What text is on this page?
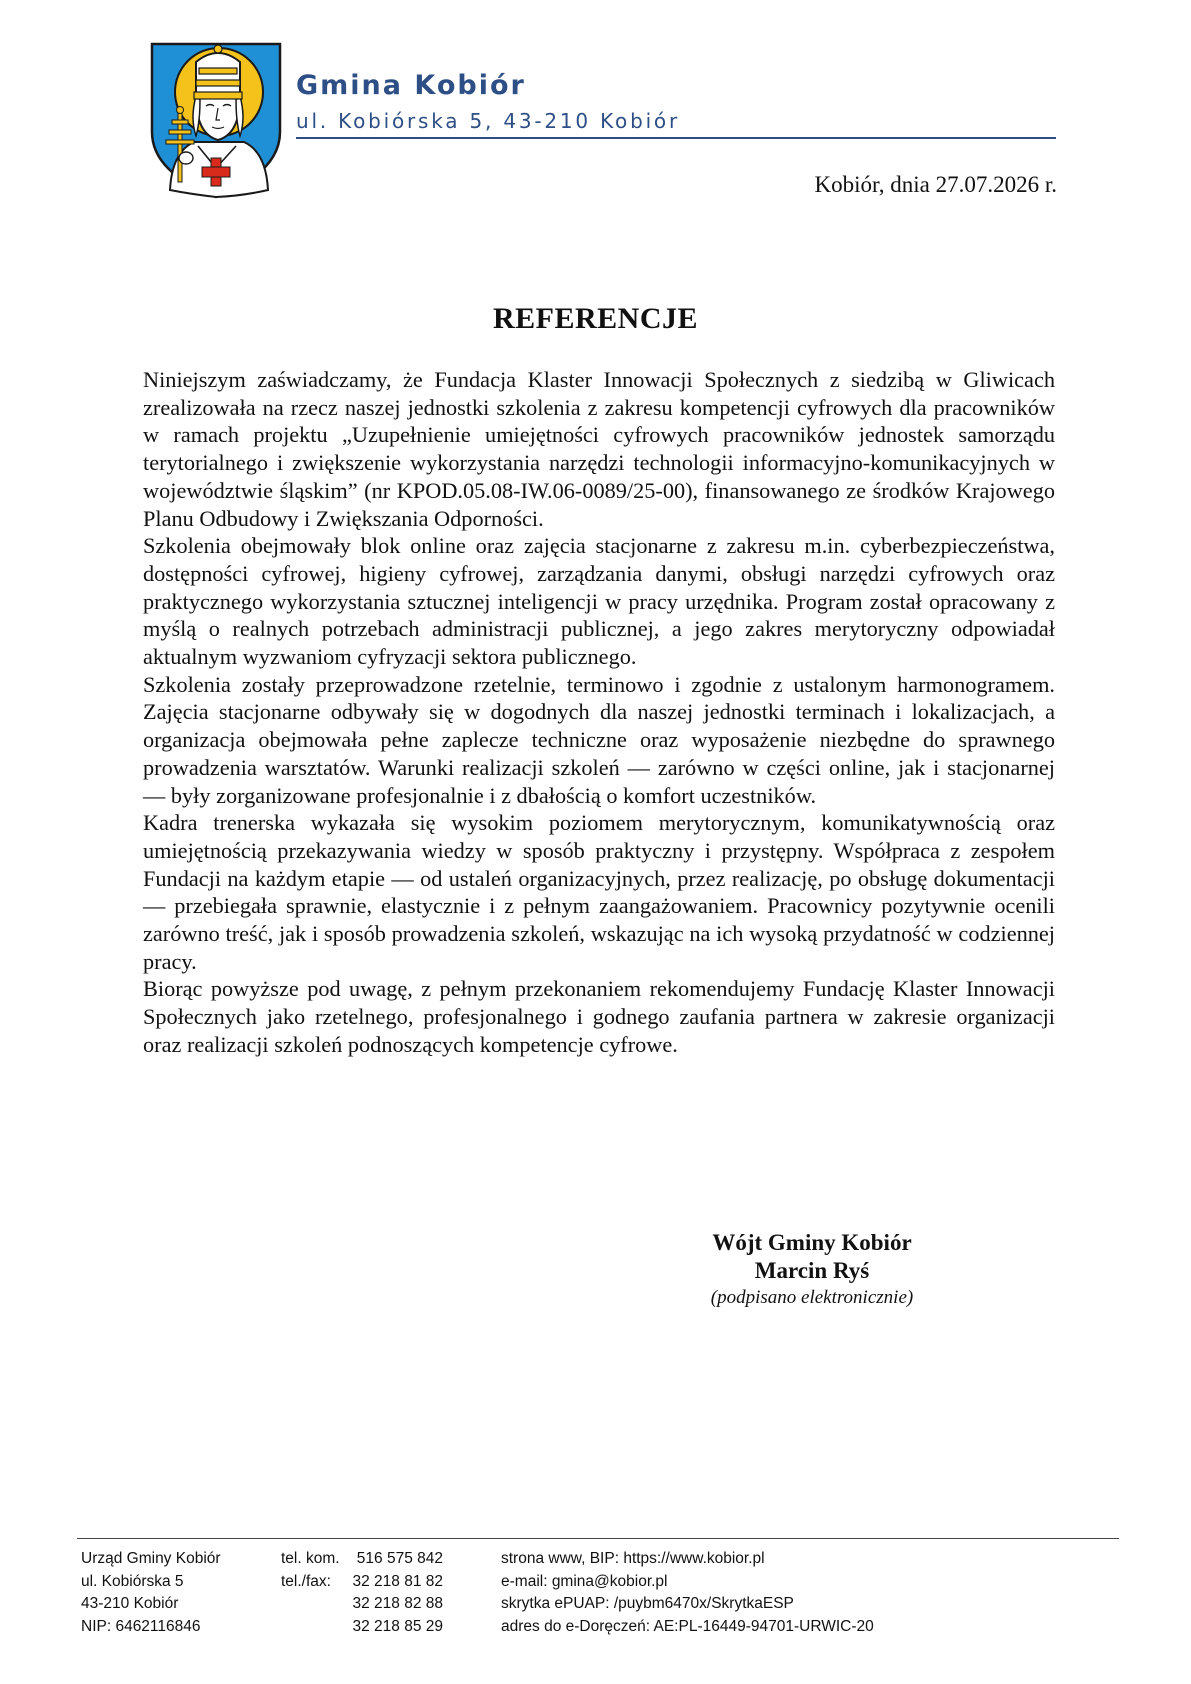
Gmina Kobiór
ul. Kobiórska 5, 43-210 Kobiór
Kobiór, dnia 27.07.2026 r.
REFERENCJE

Niniejszym zaświadczamy, że Fundacja Klaster Innowacji Społecznych z siedzibą w Gliwicach zrealizowała na rzecz naszej jednostki szkolenia z zakresu kompetencji cyfrowych dla pracowników w ramach projektu „Uzupełnienie umiejętności cyfrowych pracowników jednostek samorządu terytorialnego i zwiększenie wykorzystania narzędzi technologii informacyjno-komunikacyjnych w województwie śląskim” (nr KPOD.05.08-IW.06-0089/25-00), finansowanego ze środków Krajowego Planu Odbudowy i Zwiększania Odporności.

Szkolenia obejmowały blok online oraz zajęcia stacjonarne z zakresu m.in. cyberbezpieczeństwa, dostępności cyfrowej, higieny cyfrowej, zarządzania danymi, obsługi narzędzi cyfrowych oraz praktycznego wykorzystania sztucznej inteligencji w pracy urzędnika. Program został opracowany z myślą o realnych potrzebach administracji publicznej, a jego zakres merytoryczny odpowiadał aktualnym wyzwaniom cyfryzacji sektora publicznego.

Szkolenia zostały przeprowadzone rzetelnie, terminowo i zgodnie z ustalonym harmonogramem. Zajęcia stacjonarne odbywały się w dogodnych dla naszej jednostki terminach i lokalizacjach, a organizacja obejmowała pełne zaplecze techniczne oraz wyposażenie niezbędne do sprawnego prowadzenia warsztatów. Warunki realizacji szkoleń — zarówno w części online, jak i stacjonarnej — były zorganizowane profesjonalnie i z dbałością o komfort uczestników.

Kadra trenerska wykazała się wysokim poziomem merytorycznym, komunikatywnością oraz umiejętnością przekazywania wiedzy w sposób praktyczny i przystępny. Współpraca z zespołem Fundacji na każdym etapie — od ustaleń organizacyjnych, przez realizację, po obsługę dokumentacji — przebiegała sprawnie, elastycznie i z pełnym zaangażowaniem. Pracownicy pozytywnie ocenili zarówno treść, jak i sposób prowadzenia szkoleń, wskazując na ich wysoką przydatność w codziennej pracy.

Biorąc powyższe pod uwagę, z pełnym przekonaniem rekomendujemy Fundację Klaster Innowacji Społecznych jako rzetelnego, profesjonalnego i godnego zaufania partnera w zakresie organizacji oraz realizacji szkoleń podnoszących kompetencje cyfrowe.

Wójt Gminy Kobiór
Marcin Ryś
(podpisano elektronicznie)
Urząd Gminy Kobiór
ul. Kobiórska 5
43-210 Kobiór
NIP: 6462116846
tel. kom. 516 575 842
tel./fax: 32 218 81 82
32 218 82 88
32 218 85 29
strona www, BIP: https://www.kobior.pl
e-mail: gmina@kobior.pl
skrytka ePUAP: /puybm6470x/SkrytkaESP
adres do e-Doręczeń: AE:PL-16449-94701-URWIC-20
